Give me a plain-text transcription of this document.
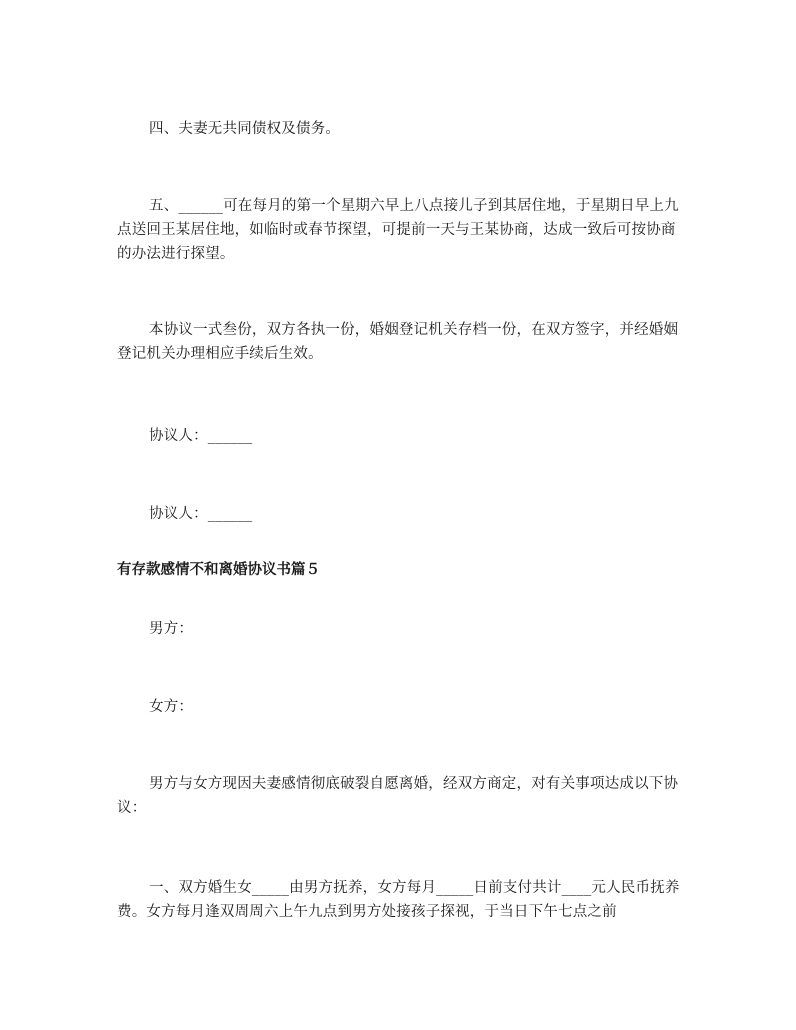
四、夫妻无共同债权及债务。

五、______可在每月的第一个星期六早上八点接儿子到其居住地，于星期日早上九点送回王某居住地，如临时或春节探望，可提前一天与王某协商，达成一致后可按协商的办法进行探望。

本协议一式叁份，双方各执一份，婚姻登记机关存档一份，在双方签字，并经婚姻登记机关办理相应手续后生效。

协议人：______

协议人：______

有存款感情不和离婚协议书篇５

男方：

女方：

男方与女方现因夫妻感情彻底破裂自愿离婚，经双方商定，对有关事项达成以下协议：

一、双方婚生女_____由男方抚养，女方每月_____日前支付共计____元人民币抚养费。女方每月逢双周周六上午九点到男方处接孩子探视，于当日下午七点之前
